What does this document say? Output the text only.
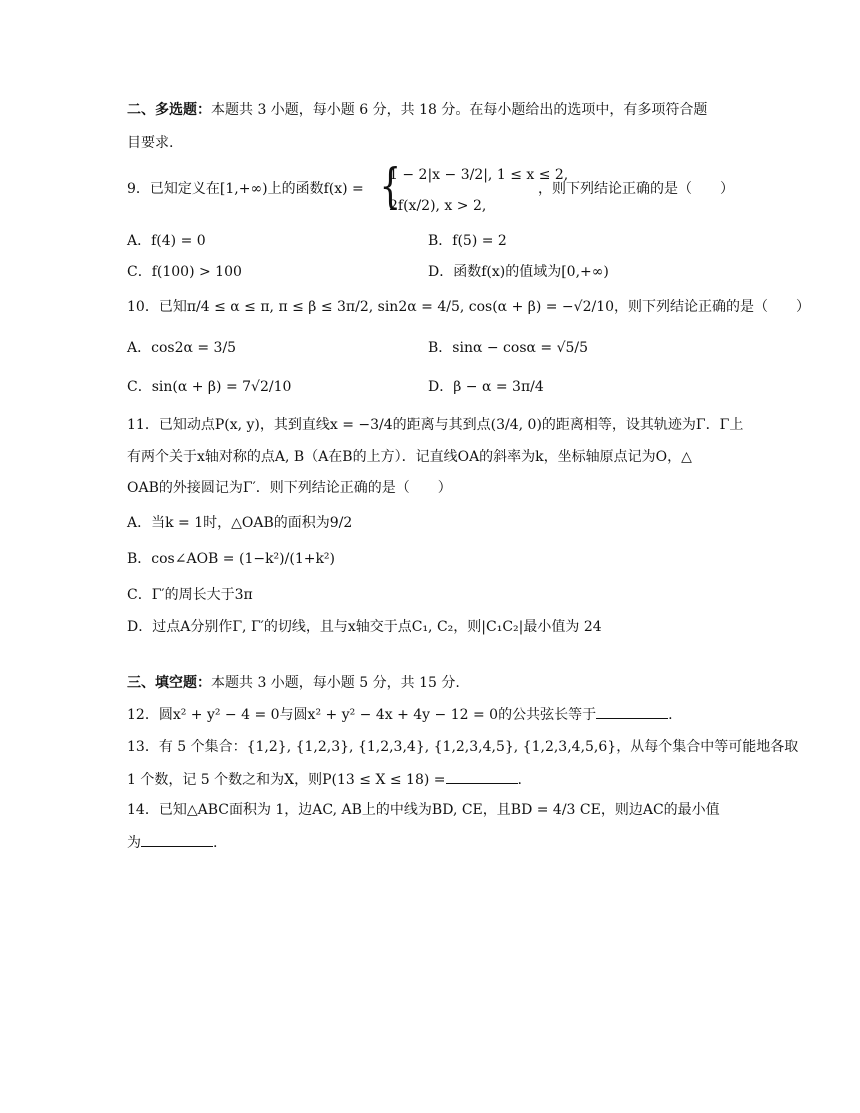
二、多选题：本题共 3 小题，每小题 6 分，共 18 分。在每小题给出的选项中，有多项符合题
目要求.
9．已知定义在[1,+∞)上的函数f(x) = {
1 − 2|x − 3/2|, 1 ≤ x ≤ 2,
2f(x/2), x > 2,
，则下列结论正确的是（　　）
A．f(4) = 0	B．f(5) = 2
C．f(100) > 100	D．函数f(x)的值域为[0,+∞)
10．已知π/4 ≤ α ≤ π, π ≤ β ≤ 3π/2, sin2α = 4/5, cos(α + β) = −√2/10，则下列结论正确的是（　　）
A．cos2α = 3/5	B．sinα − cosα = √5/5
C．sin(α + β) = 7√2/10	D．β − α = 3π/4
11．已知动点P(x, y)，其到直线x = −3/4的距离与其到点(3/4, 0)的距离相等，设其轨迹为Γ．Γ上
有两个关于x轴对称的点A, B（A在B的上方）．记直线OA的斜率为k，坐标轴原点记为O，△
OAB的外接圆记为Γ′．则下列结论正确的是（　　）
A．当k = 1时，△OAB的面积为9/2
B．cos∠AOB = (1−k²)/(1+k²)
C．Γ′的周长大于3π
D．过点A分别作Γ, Γ′的切线，且与x轴交于点C₁, C₂，则|C₁C₂|最小值为 24
三、填空题：本题共 3 小题，每小题 5 分，共 15 分.
12．圆x² + y² − 4 = 0与圆x² + y² − 4x + 4y − 12 = 0的公共弦长等于	.
13．有 5 个集合：{1,2}, {1,2,3}, {1,2,3,4}, {1,2,3,4,5}, {1,2,3,4,5,6}，从每个集合中等可能地各取
1 个数，记 5 个数之和为X，则P(13 ≤ X ≤ 18) =	.
14．已知△ABC面积为 1，边AC, AB上的中线为BD, CE，且BD = 4/3 CE，则边AC的最小值
为	.
